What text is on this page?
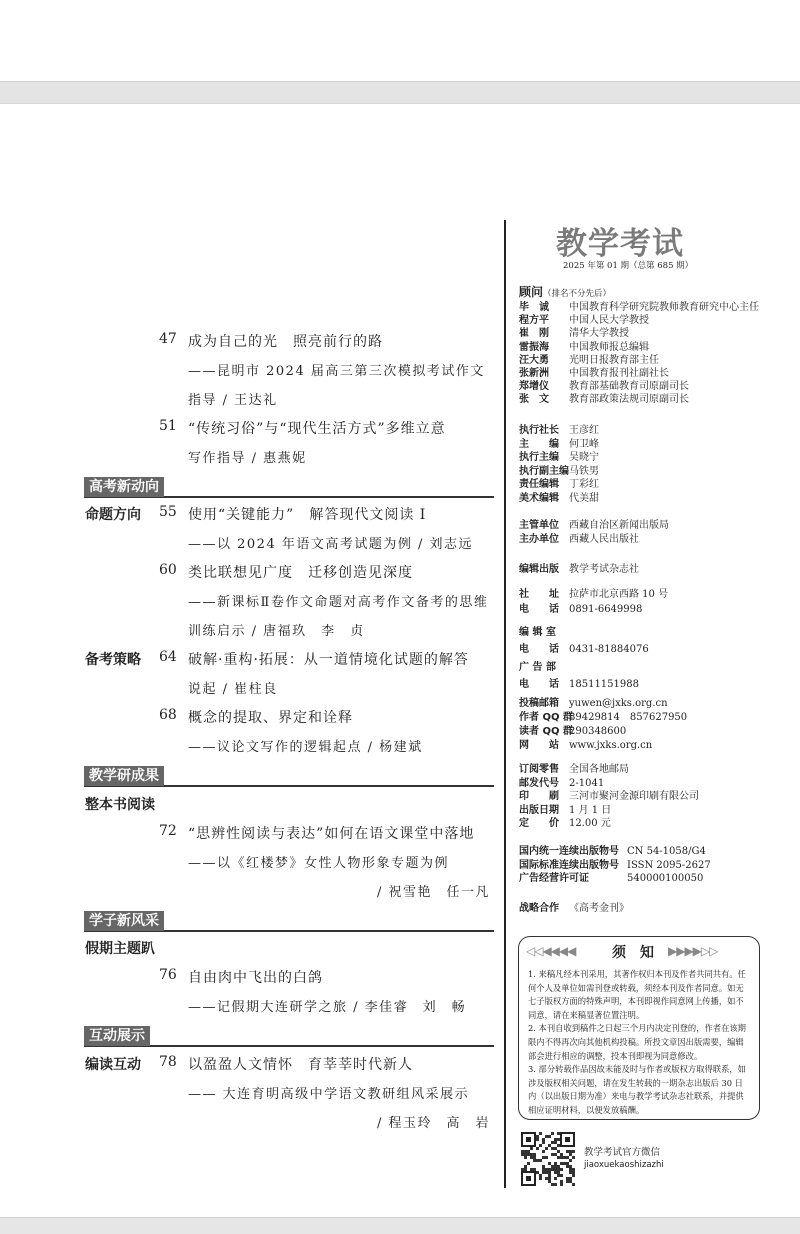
47 成为自己的光　照亮前行的路
——昆明市 2024 届高三第三次模拟考试作文
指导 / 王达礼
51 “传统习俗”与“现代生活方式”多维立意
写作指导 / 惠燕妮
高考新动向
命题方向 55 使用“关键能力”　解答现代文阅读 I
——以 2024 年语文高考试题为例 / 刘志远
60 类比联想见广度　迁移创造见深度
——新课标Ⅱ卷作文命题对高考作文备考的思维
训练启示 / 唐福玖　李　贞
备考策略 64 破解·重构·拓展：从一道情境化试题的解答
说起 / 崔柱良
68 概念的提取、界定和诠释
——议论文写作的逻辑起点 / 杨建斌
教学研成果
整本书阅读
72 “思辨性阅读与表达”如何在语文课堂中落地
——以《红楼梦》女性人物形象专题为例
/ 祝雪艳　任一凡
学子新风采
假期主题趴
76 自由肉中飞出的白鸽
——记假期大连研学之旅 / 李佳睿　刘　畅
互动展示
编读互动 78 以盈盈人文情怀　育莘莘时代新人
—— 大连育明高级中学语文教研组风采展示
/ 程玉玲　高　岩
教学考试
2025 年第 01 期（总第 685 期）
顾问（排名不分先后）
毕　诚 中国教育科学研究院教师教育研究中心主任
程方平 中国人民大学教授
崔　刚 清华大学教授
雷振海 中国教师报总编辑
汪大勇 光明日报教育部主任
张新洲 中国教育报刊社副社长
郑增仪 教育部基础教育司原副司长
张　文 教育部政策法规司原副司长
执行社长 王彦红
主　　编 何卫峰
执行主编 吴晓宁
执行副主编马铁男
责任编辑 丁彩红
美术编辑 代美甜
主管单位 西藏自治区新闻出版局
主办单位 西藏人民出版社
编辑出版 教学考试杂志社
社　　址 拉萨市北京西路 10 号
电　　话 0891-6649998
编 辑 室
电　　话 0431-81884076
广 告 部
电　　话 18511151988
投稿邮箱 yuwen@jxks.org.cn
作者 QQ 群89429814　857627950
读者 QQ 群290348600
网　　站 www.jxks.org.cn
订阅零售 全国各地邮局
邮发代号 2-1041
印　　刷 三河市聚河金源印刷有限公司
出版日期 1 月 1 日
定　　价 12.00 元
国内统一连续出版物号 CN 54-1058/G4
国际标准连续出版物号 ISSN 2095-2627
广告经营许可证	540000100050
战略合作 《高考金刊》
◁◁◀◀◀◀	须　知 ▶▶▶▶▷▷
1. 来稿凡经本刊采用，其著作权归本刊及作者共同共有。任何个人及单位如需刊登或转载，须经本刊及作者同意。如无七子版权方面的特殊声明，本刊即视作同意网上传播，如不同意，请在来稿显著位置注明。
2. 本刊自收到稿件之日起三个月内决定刊登的，作者在该期限内不得再次向其他机构投稿。所投文章因出版需要，编辑部会进行相应的调整，投本刊即视为同意修改。
3. 部分转载作品因故未能及时与作者或版权方取得联系，如涉及版权相关问题，请在发生转载的一期杂志出版后 30 日内（以出版日期为准）来电与教学考试杂志社联系，并提供相应证明材料，以便发放稿酬。
教学考试官方微信
jiaoxuekaoshizazhi
